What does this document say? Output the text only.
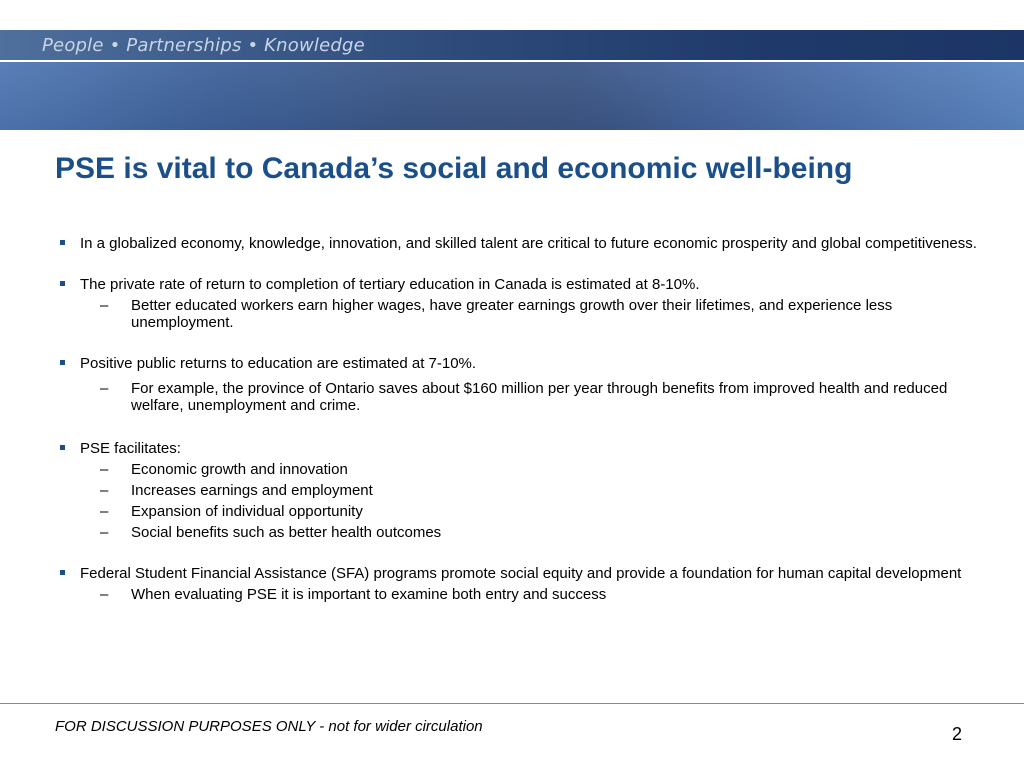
People • Partnerships • Knowledge
PSE is vital to Canada’s social and economic well-being
In a globalized economy, knowledge, innovation, and skilled talent are critical to future economic prosperity and global competitiveness.
The private rate of return to completion of tertiary education in Canada is estimated at 8-10%.
– Better educated workers earn higher wages, have greater earnings growth over their lifetimes, and experience less unemployment.
Positive public returns to education are estimated at 7-10%.
– For example, the province of Ontario saves about $160 million per year through benefits from improved health and reduced welfare, unemployment and crime.
PSE facilitates:
– Economic growth and innovation
– Increases earnings and employment
– Expansion of individual opportunity
– Social benefits such as better health outcomes
Federal Student Financial Assistance (SFA) programs promote social equity and provide a foundation for human capital development
– When evaluating PSE it is important to examine both entry and success
FOR DISCUSSION PURPOSES ONLY - not for wider circulation	2
